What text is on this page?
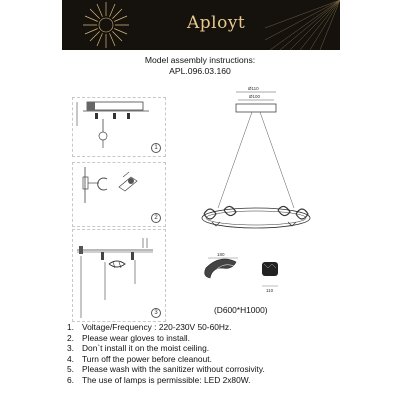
Aployt
Model assembly instructions:
APL.096.03.160
1
2
3
Ø110
Ø100
180
110
(D600*H1000)
1. Voltage/Frequency : 220-230V 50-60Hz.
2. Please wear gloves to install.
3. Don`t install it on the moist ceiling.
4. Turn off the power before cleanout.
5. Please wash with the sanitizer without corrosivity.
6. The use of lamps is permissible: LED 2x80W.
